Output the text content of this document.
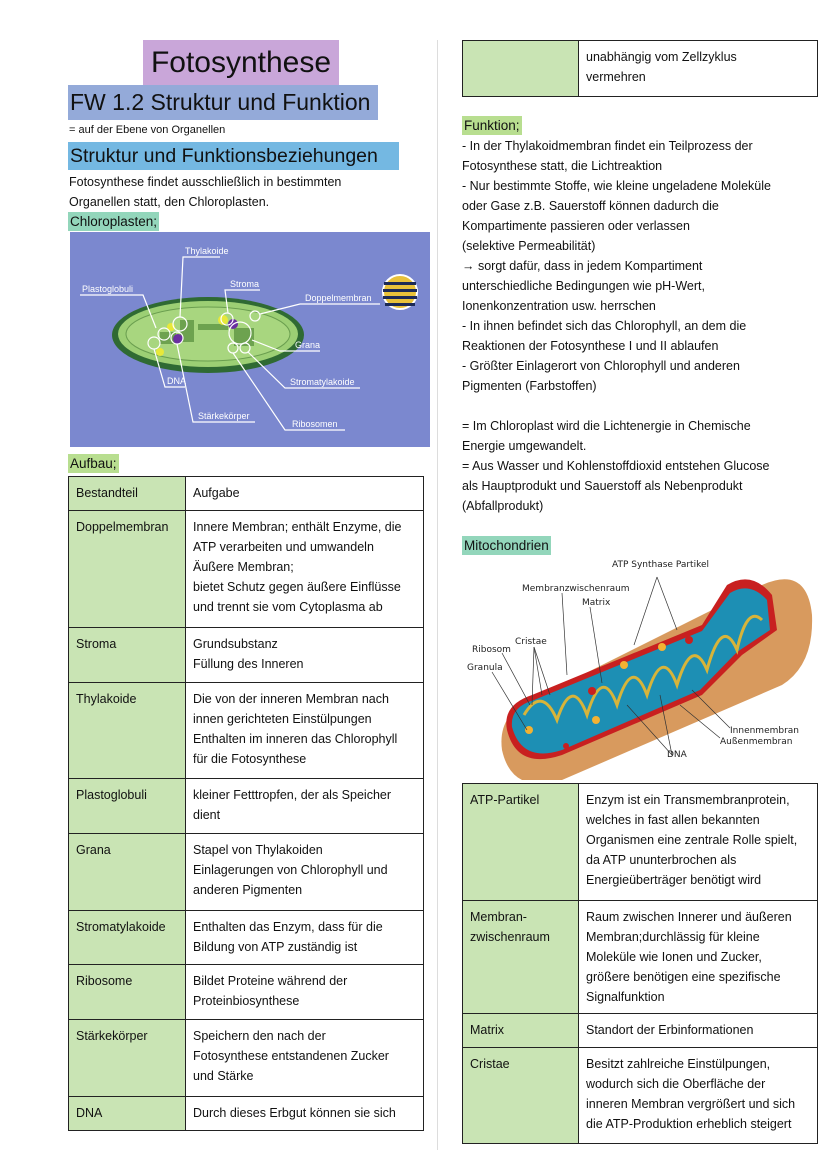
Fotosynthese
FW 1.2 Struktur und Funktion
= auf der Ebene von Organellen
Struktur und Funktionsbeziehungen
Fotosynthese findet ausschließlich in bestimmten
Organellen statt, den Chloroplasten.
Chloroplasten;
Thylakoide
Stroma
Plastoglobuli
Doppelmembran
Grana
DNA	Stromatylakoide
Stärkekörper
Ribosomen
Aufbau;
Bestandteil	Aufgabe
Doppelmembran	Innere Membran; enthält Enzyme, die
ATP verarbeiten und umwandeln
Äußere Membran;
bietet Schutz gegen äußere Einflüsse
und trennt sie vom Cytoplasma ab
Stroma	Grundsubstanz
Füllung des Inneren
Thylakoide	Die von der inneren Membran nach
innen gerichteten Einstülpungen
Enthalten im inneren das Chlorophyll
für die Fotosynthese
Plastoglobuli	kleiner Fetttropfen, der als Speicher
dient
Grana	Stapel von Thylakoiden
Einlagerungen von Chlorophyll und
anderen Pigmenten
Stromatylakoide	Enthalten das Enzym, dass für die
Bildung von ATP zuständig ist
Ribosome	Bildet Proteine während der
Proteinbiosynthese
Stärkekörper	Speichern den nach der
Fotosynthese entstandenen Zucker
und Stärke
DNA	Durch dieses Erbgut können sie sich
	unabhängig vom Zellzyklus
vermehren
Funktion;
- In der Thylakoidmembran findet ein Teilprozess der
Fotosynthese statt, die Lichtreaktion
- Nur bestimmte Stoffe, wie kleine ungeladene Moleküle
oder Gase z.B. Sauerstoff können dadurch die
Kompartimente passieren oder verlassen
(selektive Permeabilität)
→ sorgt dafür, dass in jedem Kompartiment
unterschiedliche Bedingungen wie pH-Wert,
Ionenkonzentration usw. herrschen
- In ihnen befindet sich das Chlorophyll, an dem die
Reaktionen der Fotosynthese I und II ablaufen
- Größter Einlagerort von Chlorophyll und anderen
Pigmenten (Farbstoffen)

= Im Chloroplast wird die Lichtenergie in Chemische
Energie umgewandelt.
= Aus Wasser und Kohlenstoffdioxid entstehen Glucose
als Hauptprodukt und Sauerstoff als Nebenprodukt
(Abfallprodukt)
Mitochondrien
ATP Synthase Partikel
Membranzwischenraum
Matrix
Cristae
Ribosom
Granula
Innenmembran
Außenmembran
DNA
ATP-Partikel	Enzym ist ein Transmembranprotein,
welches in fast allen bekannten
Organismen eine zentrale Rolle spielt,
da ATP ununterbrochen als
Energieüberträger benötigt wird
Membran-
zwischenraum	Raum zwischen Innerer und äußeren
Membran;durchlässig für kleine
Moleküle wie Ionen und Zucker,
größere benötigen eine spezifische
Signalfunktion
Matrix	Standort der Erbinformationen
Cristae	Besitzt zahlreiche Einstülpungen,
wodurch sich die Oberfläche der
inneren Membran vergrößert und sich
die ATP-Produktion erheblich steigert
